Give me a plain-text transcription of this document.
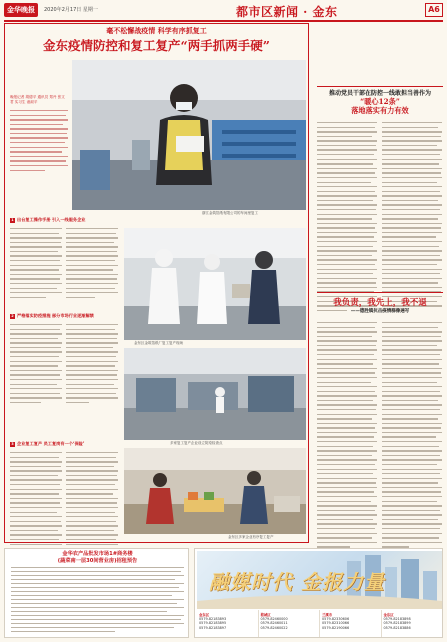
金华晚报	2020年2月17日 星期一	都市区新闻 · 金东	A6
毫不松懈战疫情 科学有序抓复工
金东疫情防控和复工复产“两手抓两手硬”
晚报记者 胡德平 通讯员 郑丹 张文君 实习生 诸淑平
浙江金筑箔纸有限公司的车间里复工
1 出台复工操作手册 引入一线服务企业
金东区金筑箔纸厂复工复产现场
2 严格落实防疫措施 部分市场行业逐渐解禁
多家复工复产企业设立防疫检查点
3 企业复工复产 员工复岗有一个‘保险’
金东区多家企业有序复工复产
推动党员干部在防控一线敢担当善作为
“暖心12条”
落地落实有力有效
我负责，我先上，我不退
——德胜镇抗击疫情群像速写
金华农产品批发市场1#商务楼
(蔬菜南一层30间营业房)招租预告
融媒时代 金报力量
金东区
0579-82183893
0579-82183895
0579-82183897
婺城区
0579-82460000
0579-82460011
0579-82460022
兰溪市
0579-82330606
0579-82310066
0579-82190066
金东区
0579-82183898
0579-82183899
0579-82183886
